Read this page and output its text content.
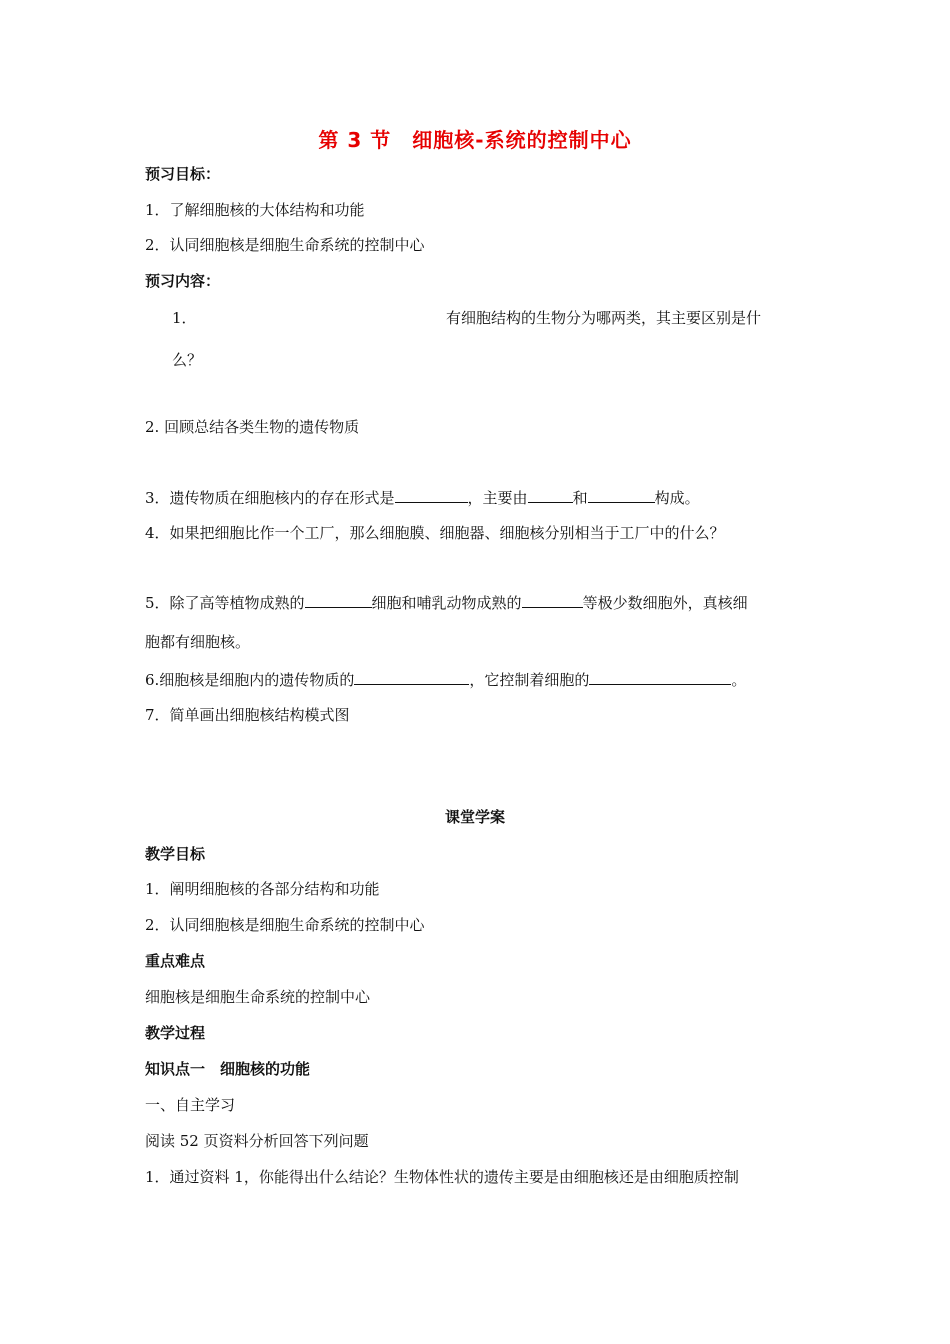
第 3 节　细胞核-系统的控制中心
预习目标：
1．了解细胞核的大体结构和功能
2．认同细胞核是细胞生命系统的控制中心
预习内容：
1．	有细胞结构的生物分为哪两类，其主要区别是什
么？
2. 回顾总结各类生物的遗传物质
3．遗传物质在细胞核内的存在形式是	，主要由	和	构成。
4．如果把细胞比作一个工厂，那么细胞膜、细胞器、细胞核分别相当于工厂中的什么？
5．除了高等植物成熟的	细胞和哺乳动物成熟的	等极少数细胞外，真核细
胞都有细胞核。
6.细胞核是细胞内的遗传物质的	，它控制着细胞的	。
7．简单画出细胞核结构模式图
课堂学案
教学目标
1．阐明细胞核的各部分结构和功能
2．认同细胞核是细胞生命系统的控制中心
重点难点
细胞核是细胞生命系统的控制中心
教学过程
知识点一　细胞核的功能
一、自主学习
阅读 52 页资料分析回答下列问题
1．通过资料 1，你能得出什么结论？生物体性状的遗传主要是由细胞核还是由细胞质控制
